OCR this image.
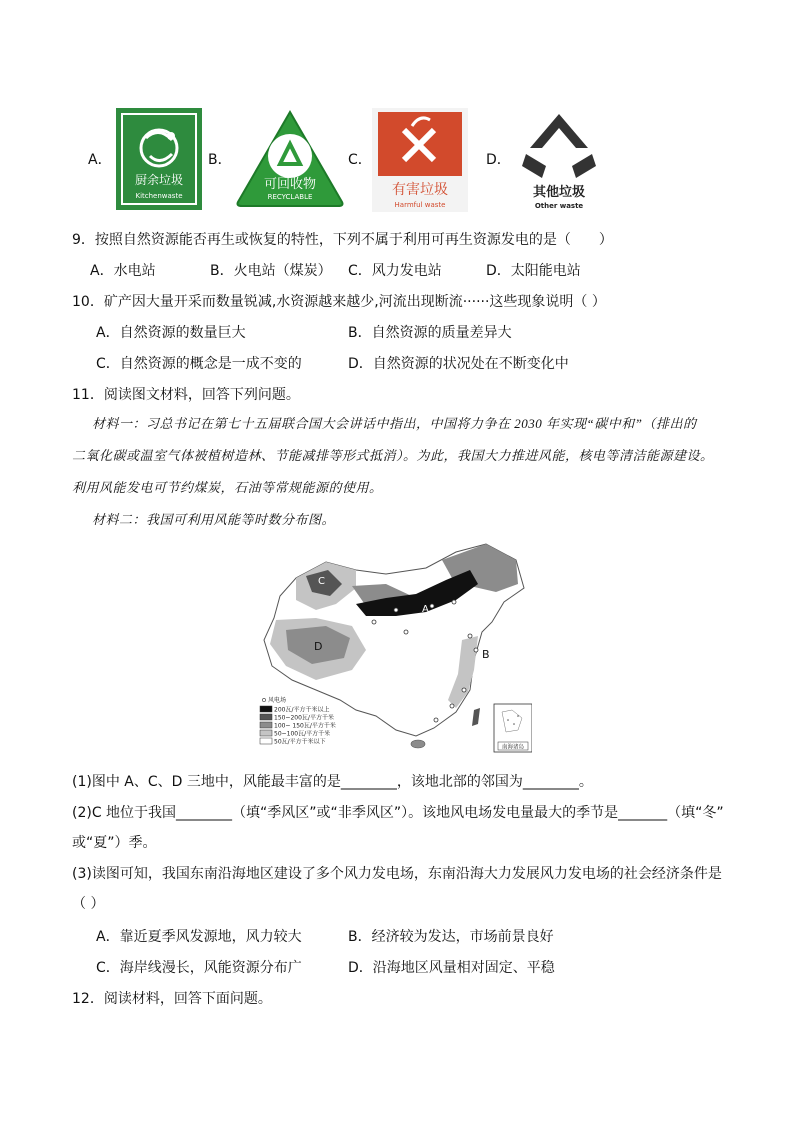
A．
厨余垃圾
Kitchenwaste
B．
可回收物
RECYCLABLE
C．
有害垃圾
Harmful waste
D．
其他垃圾
Other waste
9．按照自然资源能否再生或恢复的特性，下列不属于利用可再生资源发电的是（　　）
A．水电站	B．火电站（煤炭） C．风力发电站	D．太阳能电站
10．矿产因大量开采而数量锐减,水资源越来越少,河流出现断流······这些现象说明（ ）
A．自然资源的数量巨大	B．自然资源的质量差异大
C．自然资源的概念是一成不变的	D．自然资源的状况处在不断变化中
11．阅读图文材料，回答下列问题。
材料一：习总书记在第七十五届联合国大会讲话中指出，中国将力争在 2030 年实现“碳中和”（排出的
二氧化碳或温室气体被植树造林、节能减排等形式抵消）。为此，我国大力推进风能，核电等清洁能源建设。
利用风能发电可节约煤炭，石油等常规能源的使用。
材料二：我国可利用风能等时数分布图。
A
B
C
D
风电场
200瓦/平方千米以上
150~200瓦/平方千米
100~ 150瓦/平方千米
50~100瓦/平方千米
50瓦/平方千米以下
南海诸岛
(1)图中 A、C、D 三地中，风能最丰富的是________，该地北部的邻国为________。
(2)C 地位于我国________（填“季风区”或“非季风区”）。该地风电场发电量最大的季节是_______（填“冬”
或“夏”）季。
(3)读图可知，我国东南沿海地区建设了多个风力发电场，东南沿海大力发展风力发电场的社会经济条件是
（ ）
A．靠近夏季风发源地，风力较大	B．经济较为发达，市场前景良好
C．海岸线漫长，风能资源分布广	D．沿海地区风量相对固定、平稳
12．阅读材料，回答下面问题。
